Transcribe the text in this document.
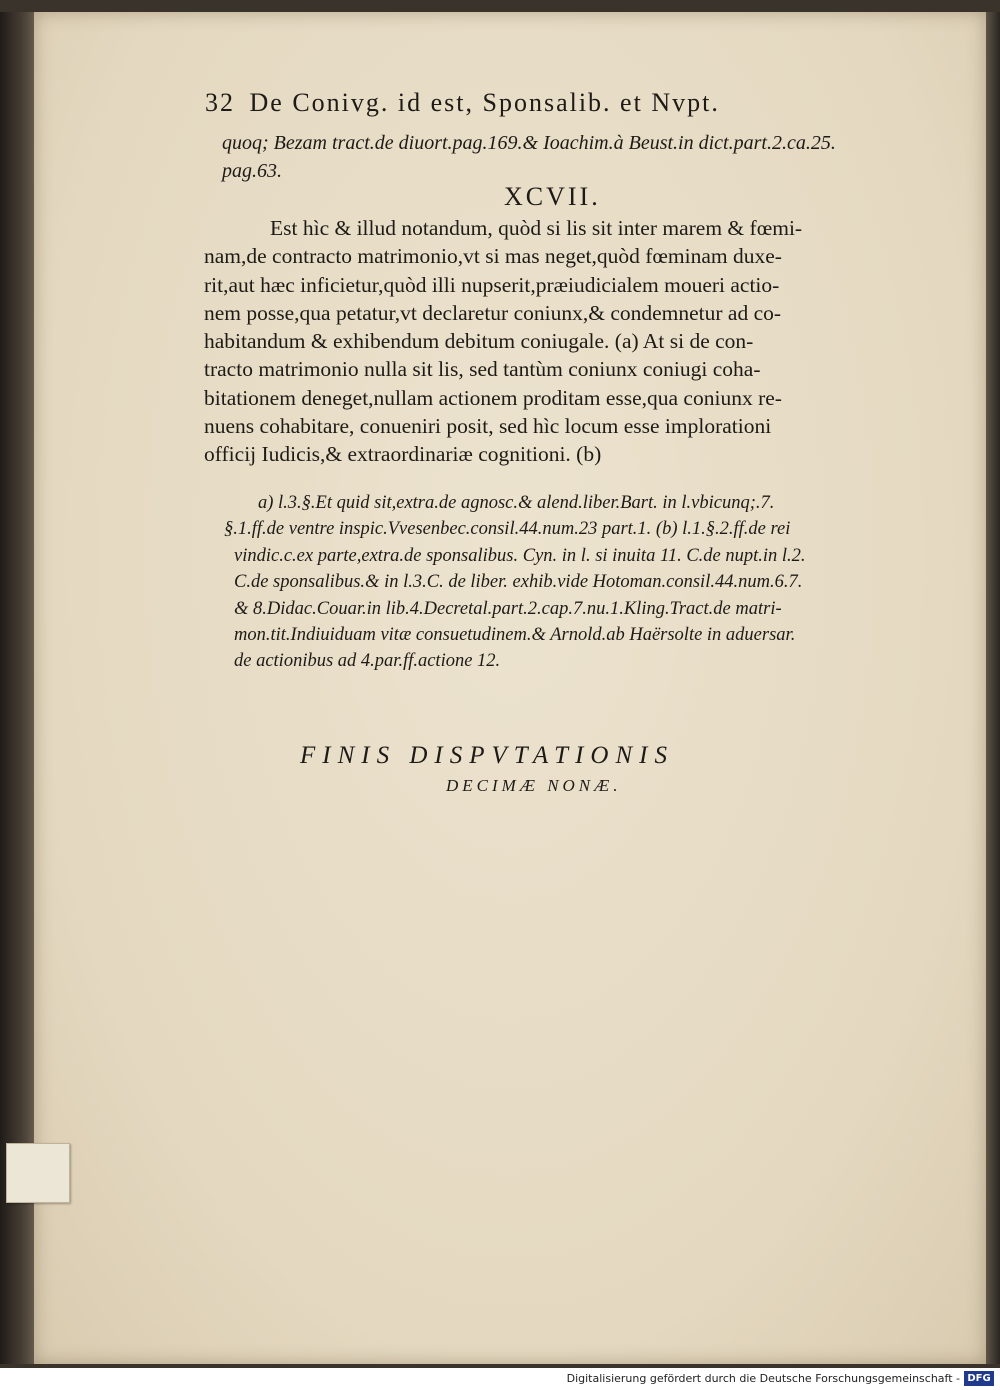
32 De Conivg. id est, Sponsalib. et Nvpt.
quoq; Bezam tract.de diuort.pag.169.& Ioachim.à Beust.in dict.part.2.ca.25.
pag.63.
XCVII.
Est hìc & illud notandum, quòd si lis sit inter marem & fœmi-
nam,de contracto matrimonio,vt si mas neget,quòd fœminam duxe-
rit,aut hæc inficietur,quòd illi nupserit,præiudicialem moueri actio-
nem posse,qua petatur,vt declaretur coniunx,& condemnetur ad co-
habitandum & exhibendum debitum coniugale. (a) At si de con-
tracto matrimonio nulla sit lis, sed tantùm coniunx coniugi coha-
bitationem deneget,nullam actionem proditam esse,qua coniunx re-
nuens cohabitare, conueniri posit, sed hìc locum esse implorationi
officij Iudicis,& extraordinariæ cognitioni. (b)
a) l.3.§.Et quid sit,extra.de agnosc.& alend.liber.Bart. in l.vbicunq;.7.
§.1.ff.de ventre inspic.Vvesenbec.consil.44.num.23 part.1. (b) l.1.§.2.ff.de rei
vindic.c.ex parte,extra.de sponsalibus. Cyn. in l. si inuita 11. C.de nupt.in l.2.
C.de sponsalibus.& in l.3.C. de liber. exhib.vide Hotoman.consil.44.num.6.7.
& 8.Didac.Couar.in lib.4.Decretal.part.2.cap.7.nu.1.Kling.Tract.de matri-
mon.tit.Indiuiduam vitæ consuetudinem.& Arnold.ab Haërsolte in aduersar.
de actionibus ad 4.par.ff.actione 12.
FINIS DISPVTATIONIS
DECIMÆ NONÆ.
Digitalisierung gefördert durch die Deutsche Forschungsgemeinschaft - DFG
